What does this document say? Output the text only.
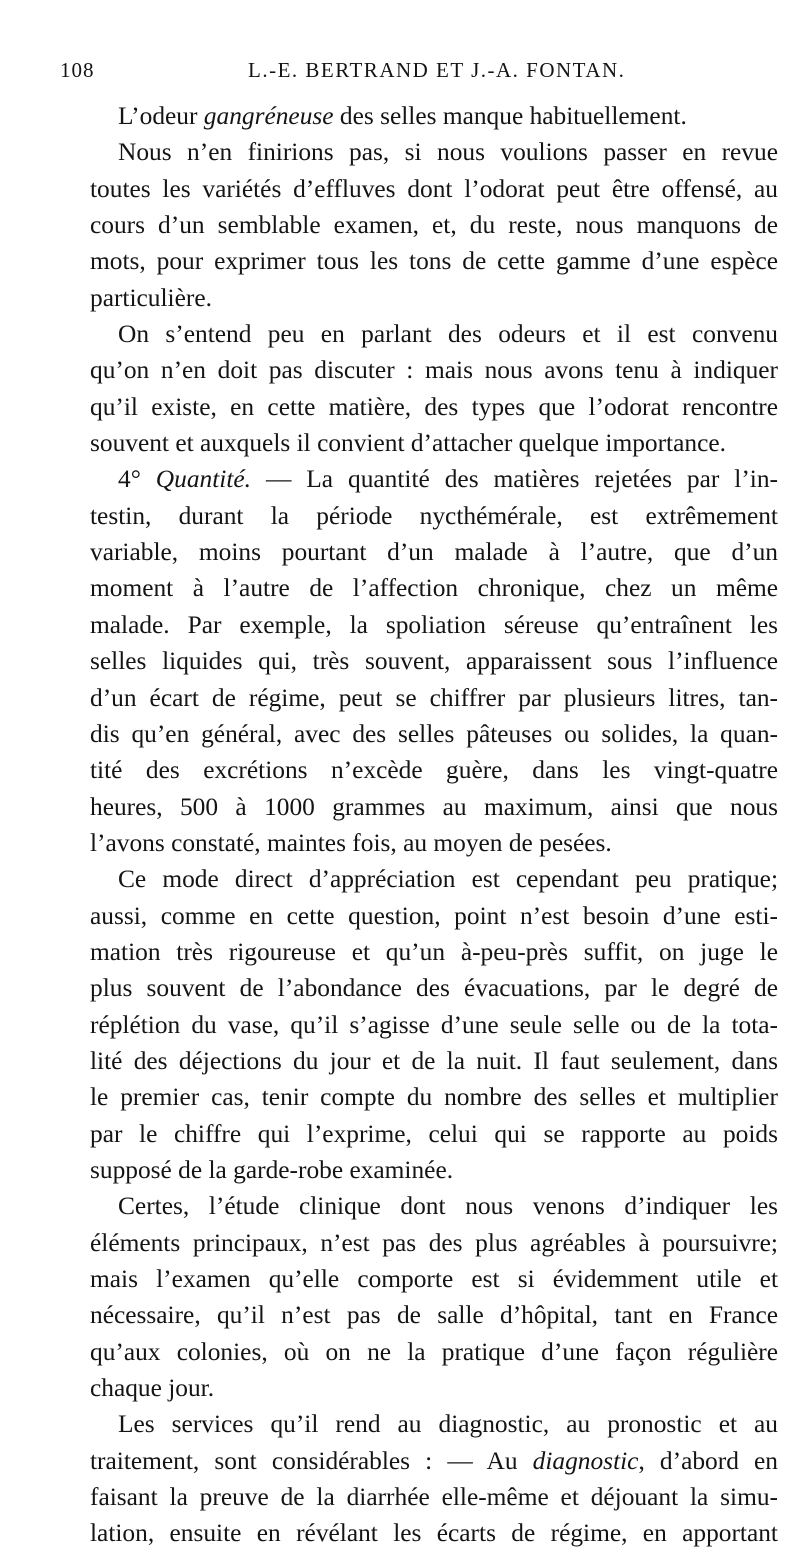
108	L.-E. BERTRAND ET J.-A. FONTAN.
L’odeur gangréneuse des selles manque habituellement.
Nous n’en finirions pas, si nous voulions passer en revue
toutes les variétés d’effluves dont l’odorat peut être offensé, au
cours d’un semblable examen, et, du reste, nous manquons de
mots, pour exprimer tous les tons de cette gamme d’une espèce
particulière.
On s’entend peu en parlant des odeurs et il est convenu
qu’on n’en doit pas discuter : mais nous avons tenu à indiquer
qu’il existe, en cette matière, des types que l’odorat rencontre
souvent et auxquels il convient d’attacher quelque importance.
4° Quantité. — La quantité des matières rejetées par l’in-
testin, durant la période nycthémérale, est extrêmement
variable, moins pourtant d’un malade à l’autre, que d’un
moment à l’autre de l’affection chronique, chez un même
malade. Par exemple, la spoliation séreuse qu’entraînent les
selles liquides qui, très souvent, apparaissent sous l’influence
d’un écart de régime, peut se chiffrer par plusieurs litres, tan-
dis qu’en général, avec des selles pâteuses ou solides, la quan-
tité des excrétions n’excède guère, dans les vingt-quatre
heures, 500 à 1000 grammes au maximum, ainsi que nous
l’avons constaté, maintes fois, au moyen de pesées.
Ce mode direct d’appréciation est cependant peu pratique;
aussi, comme en cette question, point n’est besoin d’une esti-
mation très rigoureuse et qu’un à-peu-près suffit, on juge le
plus souvent de l’abondance des évacuations, par le degré de
réplétion du vase, qu’il s’agisse d’une seule selle ou de la tota-
lité des déjections du jour et de la nuit. Il faut seulement, dans
le premier cas, tenir compte du nombre des selles et multiplier
par le chiffre qui l’exprime, celui qui se rapporte au poids
supposé de la garde-robe examinée.
Certes, l’étude clinique dont nous venons d’indiquer les
éléments principaux, n’est pas des plus agréables à poursuivre;
mais l’examen qu’elle comporte est si évidemment utile et
nécessaire, qu’il n’est pas de salle d’hôpital, tant en France
qu’aux colonies, où on ne la pratique d’une façon régulière
chaque jour.
Les services qu’il rend au diagnostic, au pronostic et au
traitement, sont considérables : — Au diagnostic, d’abord en
faisant la preuve de la diarrhée elle-même et déjouant la simu-
lation, ensuite en révélant les écarts de régime, en apportant
